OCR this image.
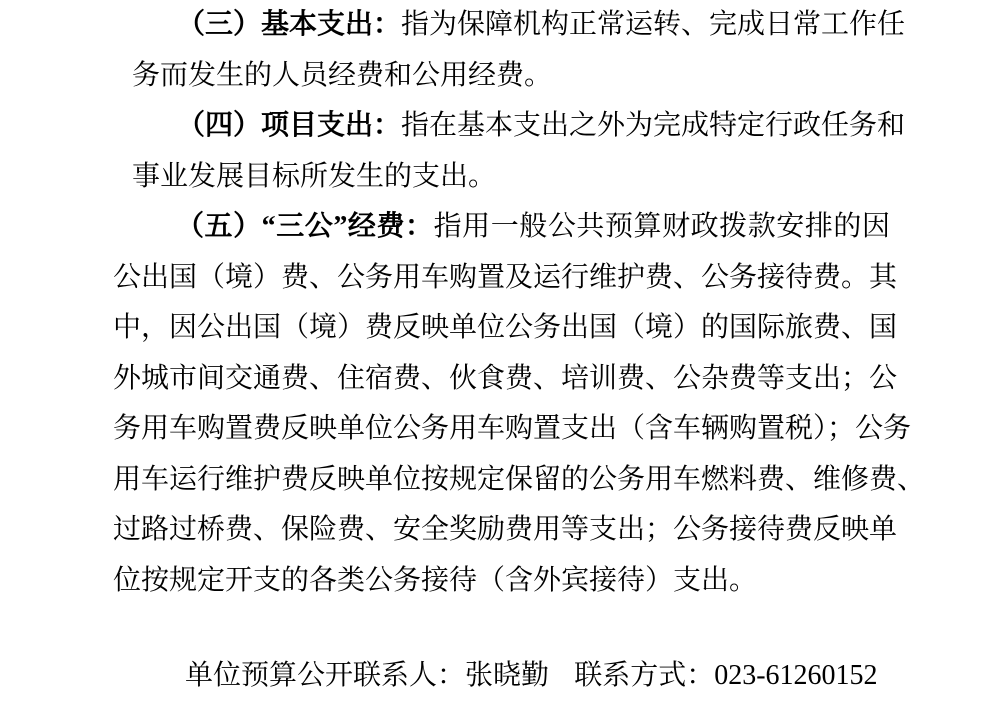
（三）基本支出：指为保障机构正常运转、完成日常工作任
务而发生的人员经费和公用经费。
（四）项目支出：指在基本支出之外为完成特定行政任务和
事业发展目标所发生的支出。
（五）“三公”经费：指用一般公共预算财政拨款安排的因
公出国（境）费、公务用车购置及运行维护费、公务接待费。其
中，因公出国（境）费反映单位公务出国（境）的国际旅费、国
外城市间交通费、住宿费、伙食费、培训费、公杂费等支出；公
务用车购置费反映单位公务用车购置支出（含车辆购置税）；公务
用车运行维护费反映单位按规定保留的公务用车燃料费、维修费、
过路过桥费、保险费、安全奖励费用等支出；公务接待费反映单
位按规定开支的各类公务接待（含外宾接待）支出。
单位预算公开联系人：张晓勤 联系方式：023-61260152
